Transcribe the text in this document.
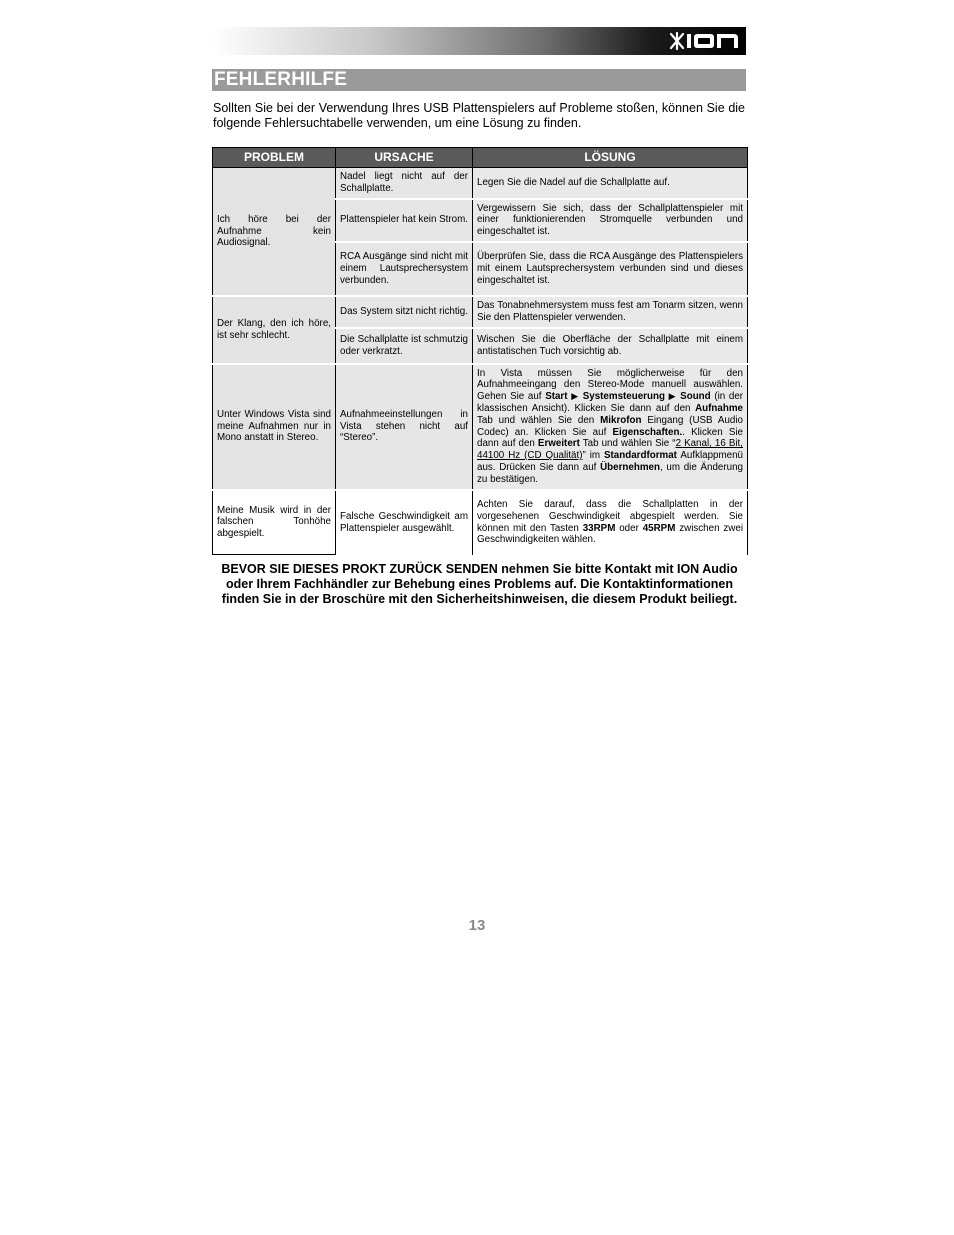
FEHLERHILFE
Sollten Sie bei der Verwendung Ihres USB Plattenspielers auf Probleme stoßen, können Sie die folgende Fehlersuchtabelle verwenden, um eine Lösung zu finden.
PROBLEM	URSACHE	LÖSUNG
Ich höre bei der Aufnahme kein Audiosignal.	Nadel liegt nicht auf der Schallplatte.	Legen Sie die Nadel auf die Schallplatte auf.
	Plattenspieler hat kein Strom.	Vergewissern Sie sich, dass der Schallplattenspieler mit einer funktionierenden Stromquelle verbunden und eingeschaltet ist.
	RCA Ausgänge sind nicht mit einem Lautsprechersystem verbunden.	Überprüfen Sie, dass die RCA Ausgänge des Plattenspielers mit einem Lautsprechersystem verbunden sind und dieses eingeschaltet ist.
Der Klang, den ich höre, ist sehr schlecht.	Das System sitzt nicht richtig.	Das Tonabnehmersystem muss fest am Tonarm sitzen, wenn Sie den Plattenspieler verwenden.
	Die Schallplatte ist schmutzig oder verkratzt.	Wischen Sie die Oberfläche der Schallplatte mit einem antistatischen Tuch vorsichtig ab.
Unter Windows Vista sind meine Aufnahmen nur in Mono anstatt in Stereo.	Aufnahmeeinstellungen in Vista stehen nicht auf “Stereo”.	In Vista müssen Sie möglicherweise für den Aufnahmeeingang den Stereo-Mode manuell auswählen. Gehen Sie auf Start ▶ Systemsteuerung ▶ Sound (in der klassischen Ansicht). Klicken Sie dann auf den Aufnahme Tab und wählen Sie den Mikrofon Eingang (USB Audio Codec) an. Klicken Sie auf Eigenschaften.. Klicken Sie dann auf den Erweitert Tab und wählen Sie “2 Kanal, 16 Bit, 44100 Hz (CD Qualität)” im Standardformat Aufklappmenü aus. Drücken Sie dann auf Übernehmen, um die Änderung zu bestätigen.
Meine Musik wird in der falschen Tonhöhe abgespielt.	Falsche Geschwindigkeit am Plattenspieler ausgewählt.	Achten Sie darauf, dass die Schallplatten in der vorgesehenen Geschwindigkeit abgespielt werden. Sie können mit den Tasten 33RPM oder 45RPM zwischen zwei Geschwindigkeiten wählen.
BEVOR SIE DIESES PROKT ZURÜCK SENDEN nehmen Sie bitte Kontakt mit ION Audio oder Ihrem Fachhändler zur Behebung eines Problems auf. Die Kontaktinformationen finden Sie in der Broschüre mit den Sicherheitshinweisen, die diesem Produkt beiliegt.
13
